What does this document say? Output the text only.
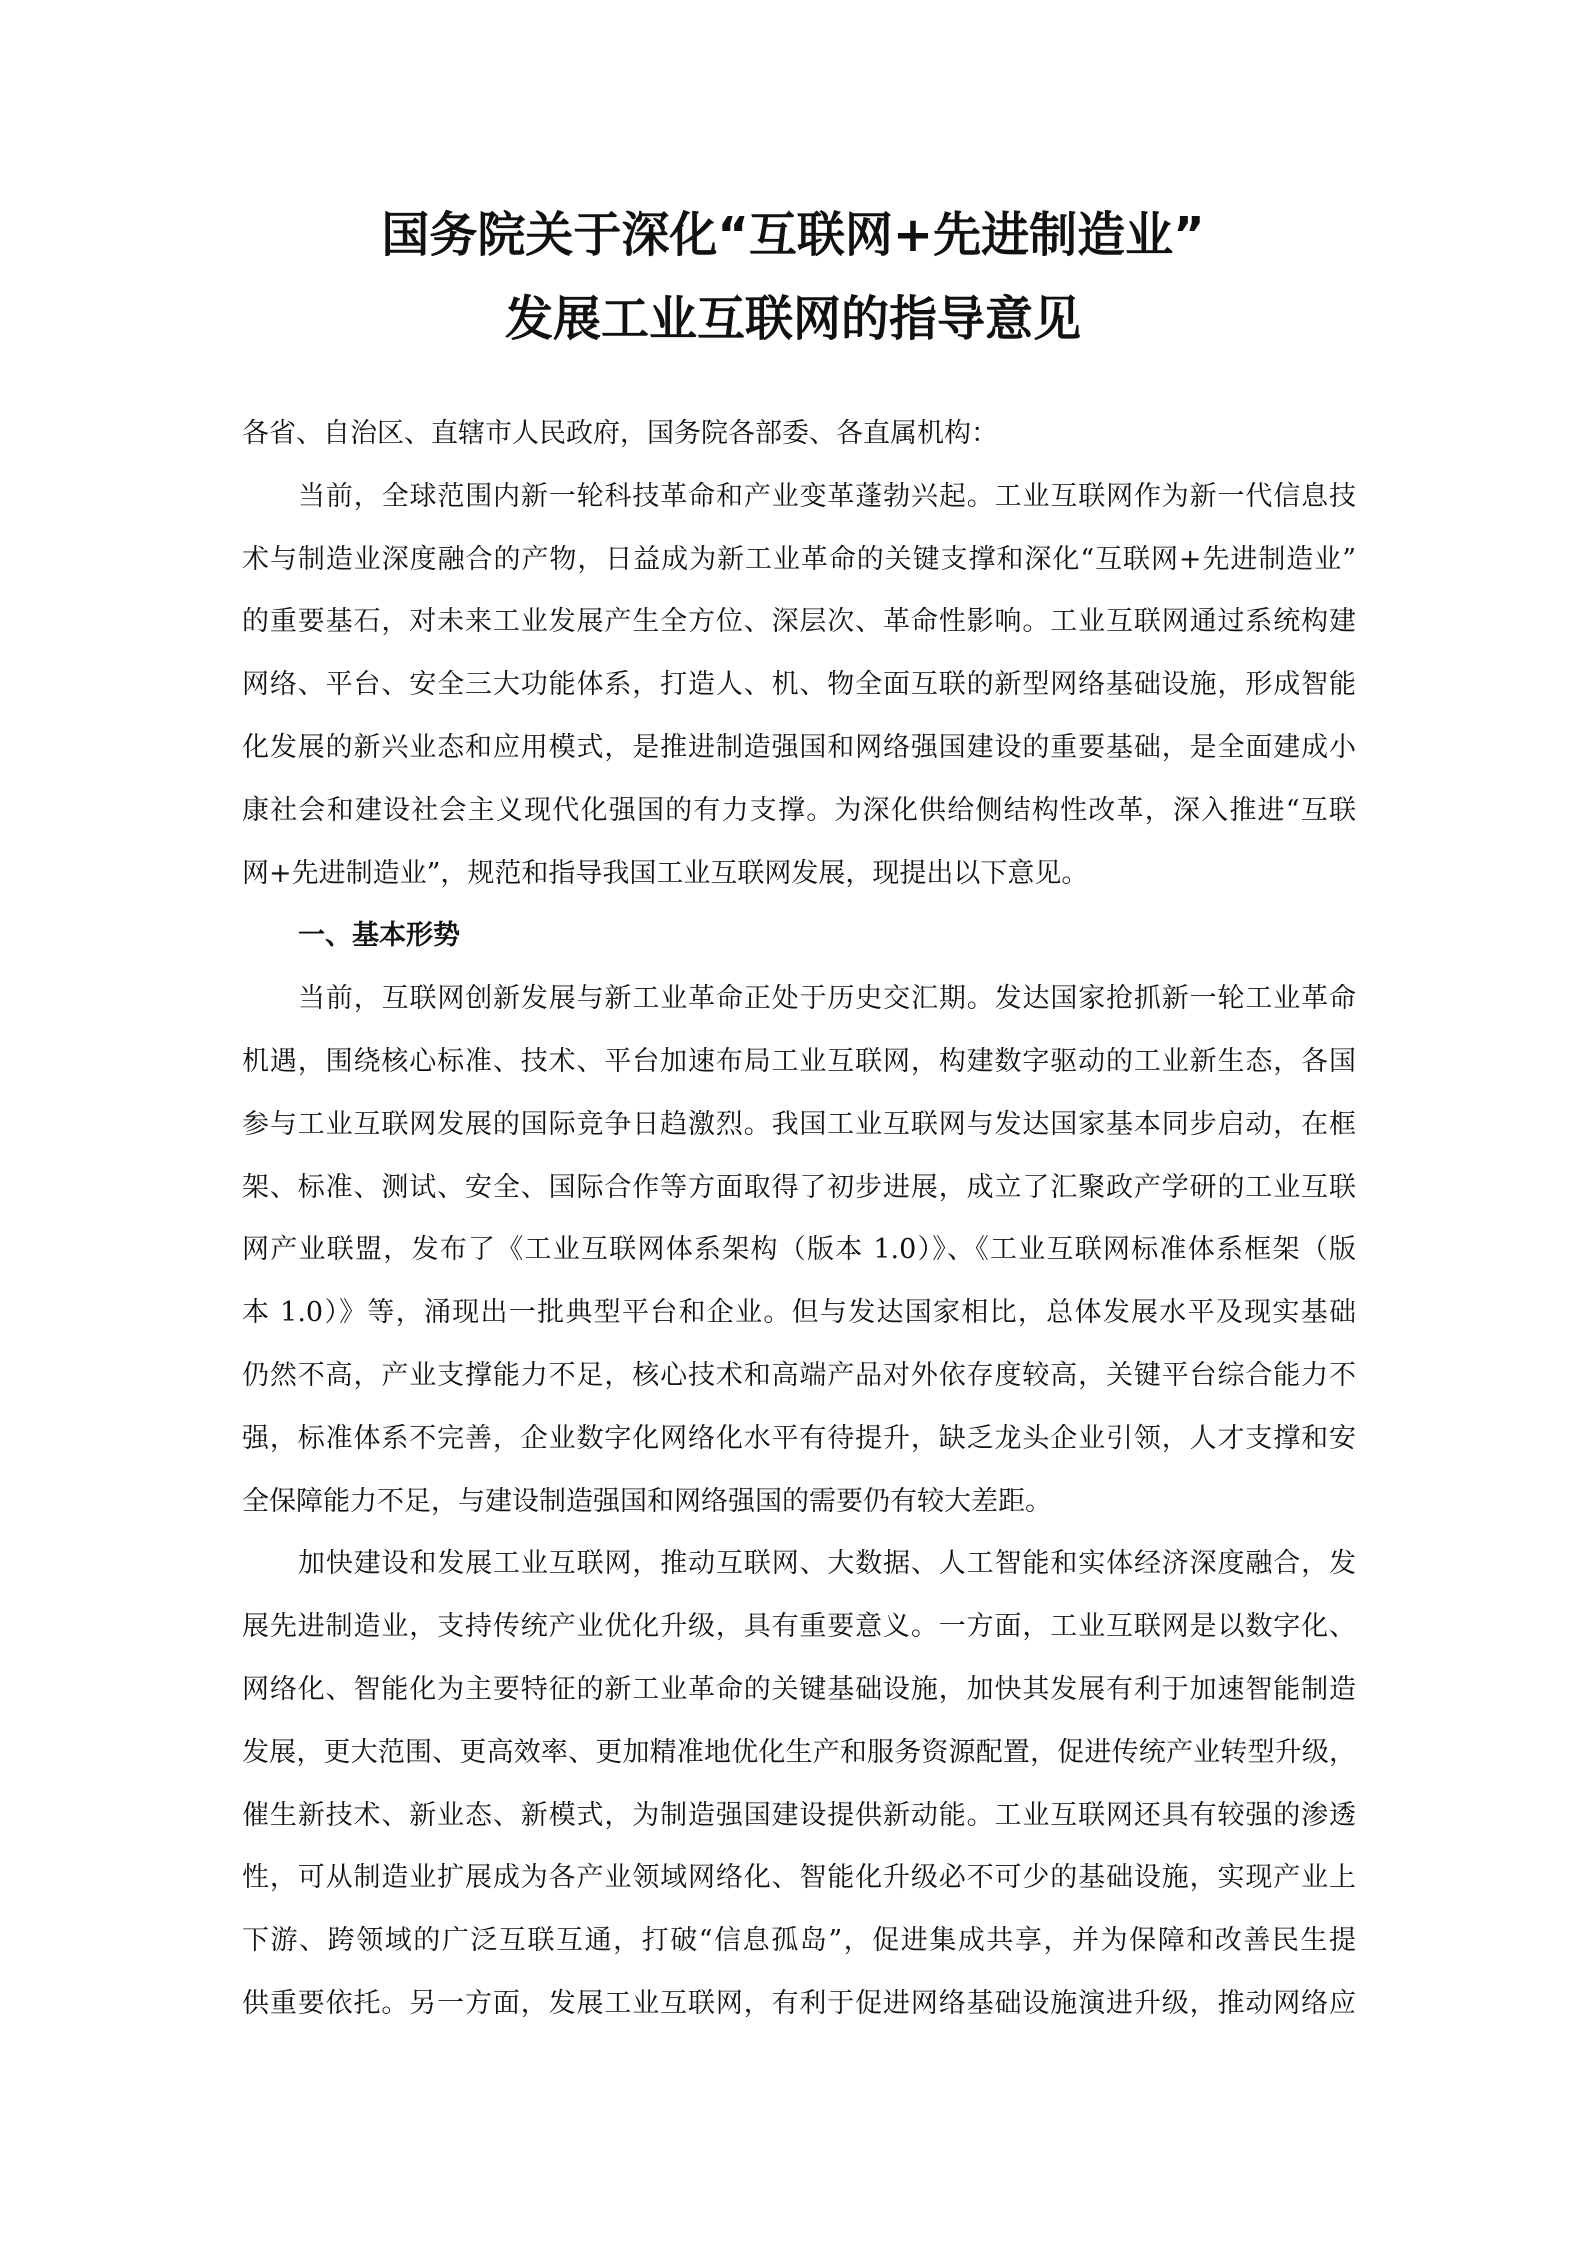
国务院关于深化“互联网+先进制造业”
发展工业互联网的指导意见
各省、自治区、直辖市人民政府，国务院各部委、各直属机构：
当前，全球范围内新一轮科技革命和产业变革蓬勃兴起。工业互联网作为新一代信息技
术与制造业深度融合的产物，日益成为新工业革命的关键支撑和深化“互联网+先进制造业”
的重要基石，对未来工业发展产生全方位、深层次、革命性影响。工业互联网通过系统构建
网络、平台、安全三大功能体系，打造人、机、物全面互联的新型网络基础设施，形成智能
化发展的新兴业态和应用模式，是推进制造强国和网络强国建设的重要基础，是全面建成小
康社会和建设社会主义现代化强国的有力支撑。为深化供给侧结构性改革，深入推进“互联
网+先进制造业”，规范和指导我国工业互联网发展，现提出以下意见。
一、基本形势
当前，互联网创新发展与新工业革命正处于历史交汇期。发达国家抢抓新一轮工业革命
机遇，围绕核心标准、技术、平台加速布局工业互联网，构建数字驱动的工业新生态，各国
参与工业互联网发展的国际竞争日趋激烈。我国工业互联网与发达国家基本同步启动，在框
架、标准、测试、安全、国际合作等方面取得了初步进展，成立了汇聚政产学研的工业互联
网产业联盟，发布了《工业互联网体系架构（版本 1.0）》、《工业互联网标准体系框架（版
本 1.0）》等，涌现出一批典型平台和企业。但与发达国家相比，总体发展水平及现实基础
仍然不高，产业支撑能力不足，核心技术和高端产品对外依存度较高，关键平台综合能力不
强，标准体系不完善，企业数字化网络化水平有待提升，缺乏龙头企业引领，人才支撑和安
全保障能力不足，与建设制造强国和网络强国的需要仍有较大差距。
加快建设和发展工业互联网，推动互联网、大数据、人工智能和实体经济深度融合，发
展先进制造业，支持传统产业优化升级，具有重要意义。一方面，工业互联网是以数字化、
网络化、智能化为主要特征的新工业革命的关键基础设施，加快其发展有利于加速智能制造
发展，更大范围、更高效率、更加精准地优化生产和服务资源配置，促进传统产业转型升级，
催生新技术、新业态、新模式，为制造强国建设提供新动能。工业互联网还具有较强的渗透
性，可从制造业扩展成为各产业领域网络化、智能化升级必不可少的基础设施，实现产业上
下游、跨领域的广泛互联互通，打破“信息孤岛”，促进集成共享，并为保障和改善民生提
供重要依托。另一方面，发展工业互联网，有利于促进网络基础设施演进升级，推动网络应
